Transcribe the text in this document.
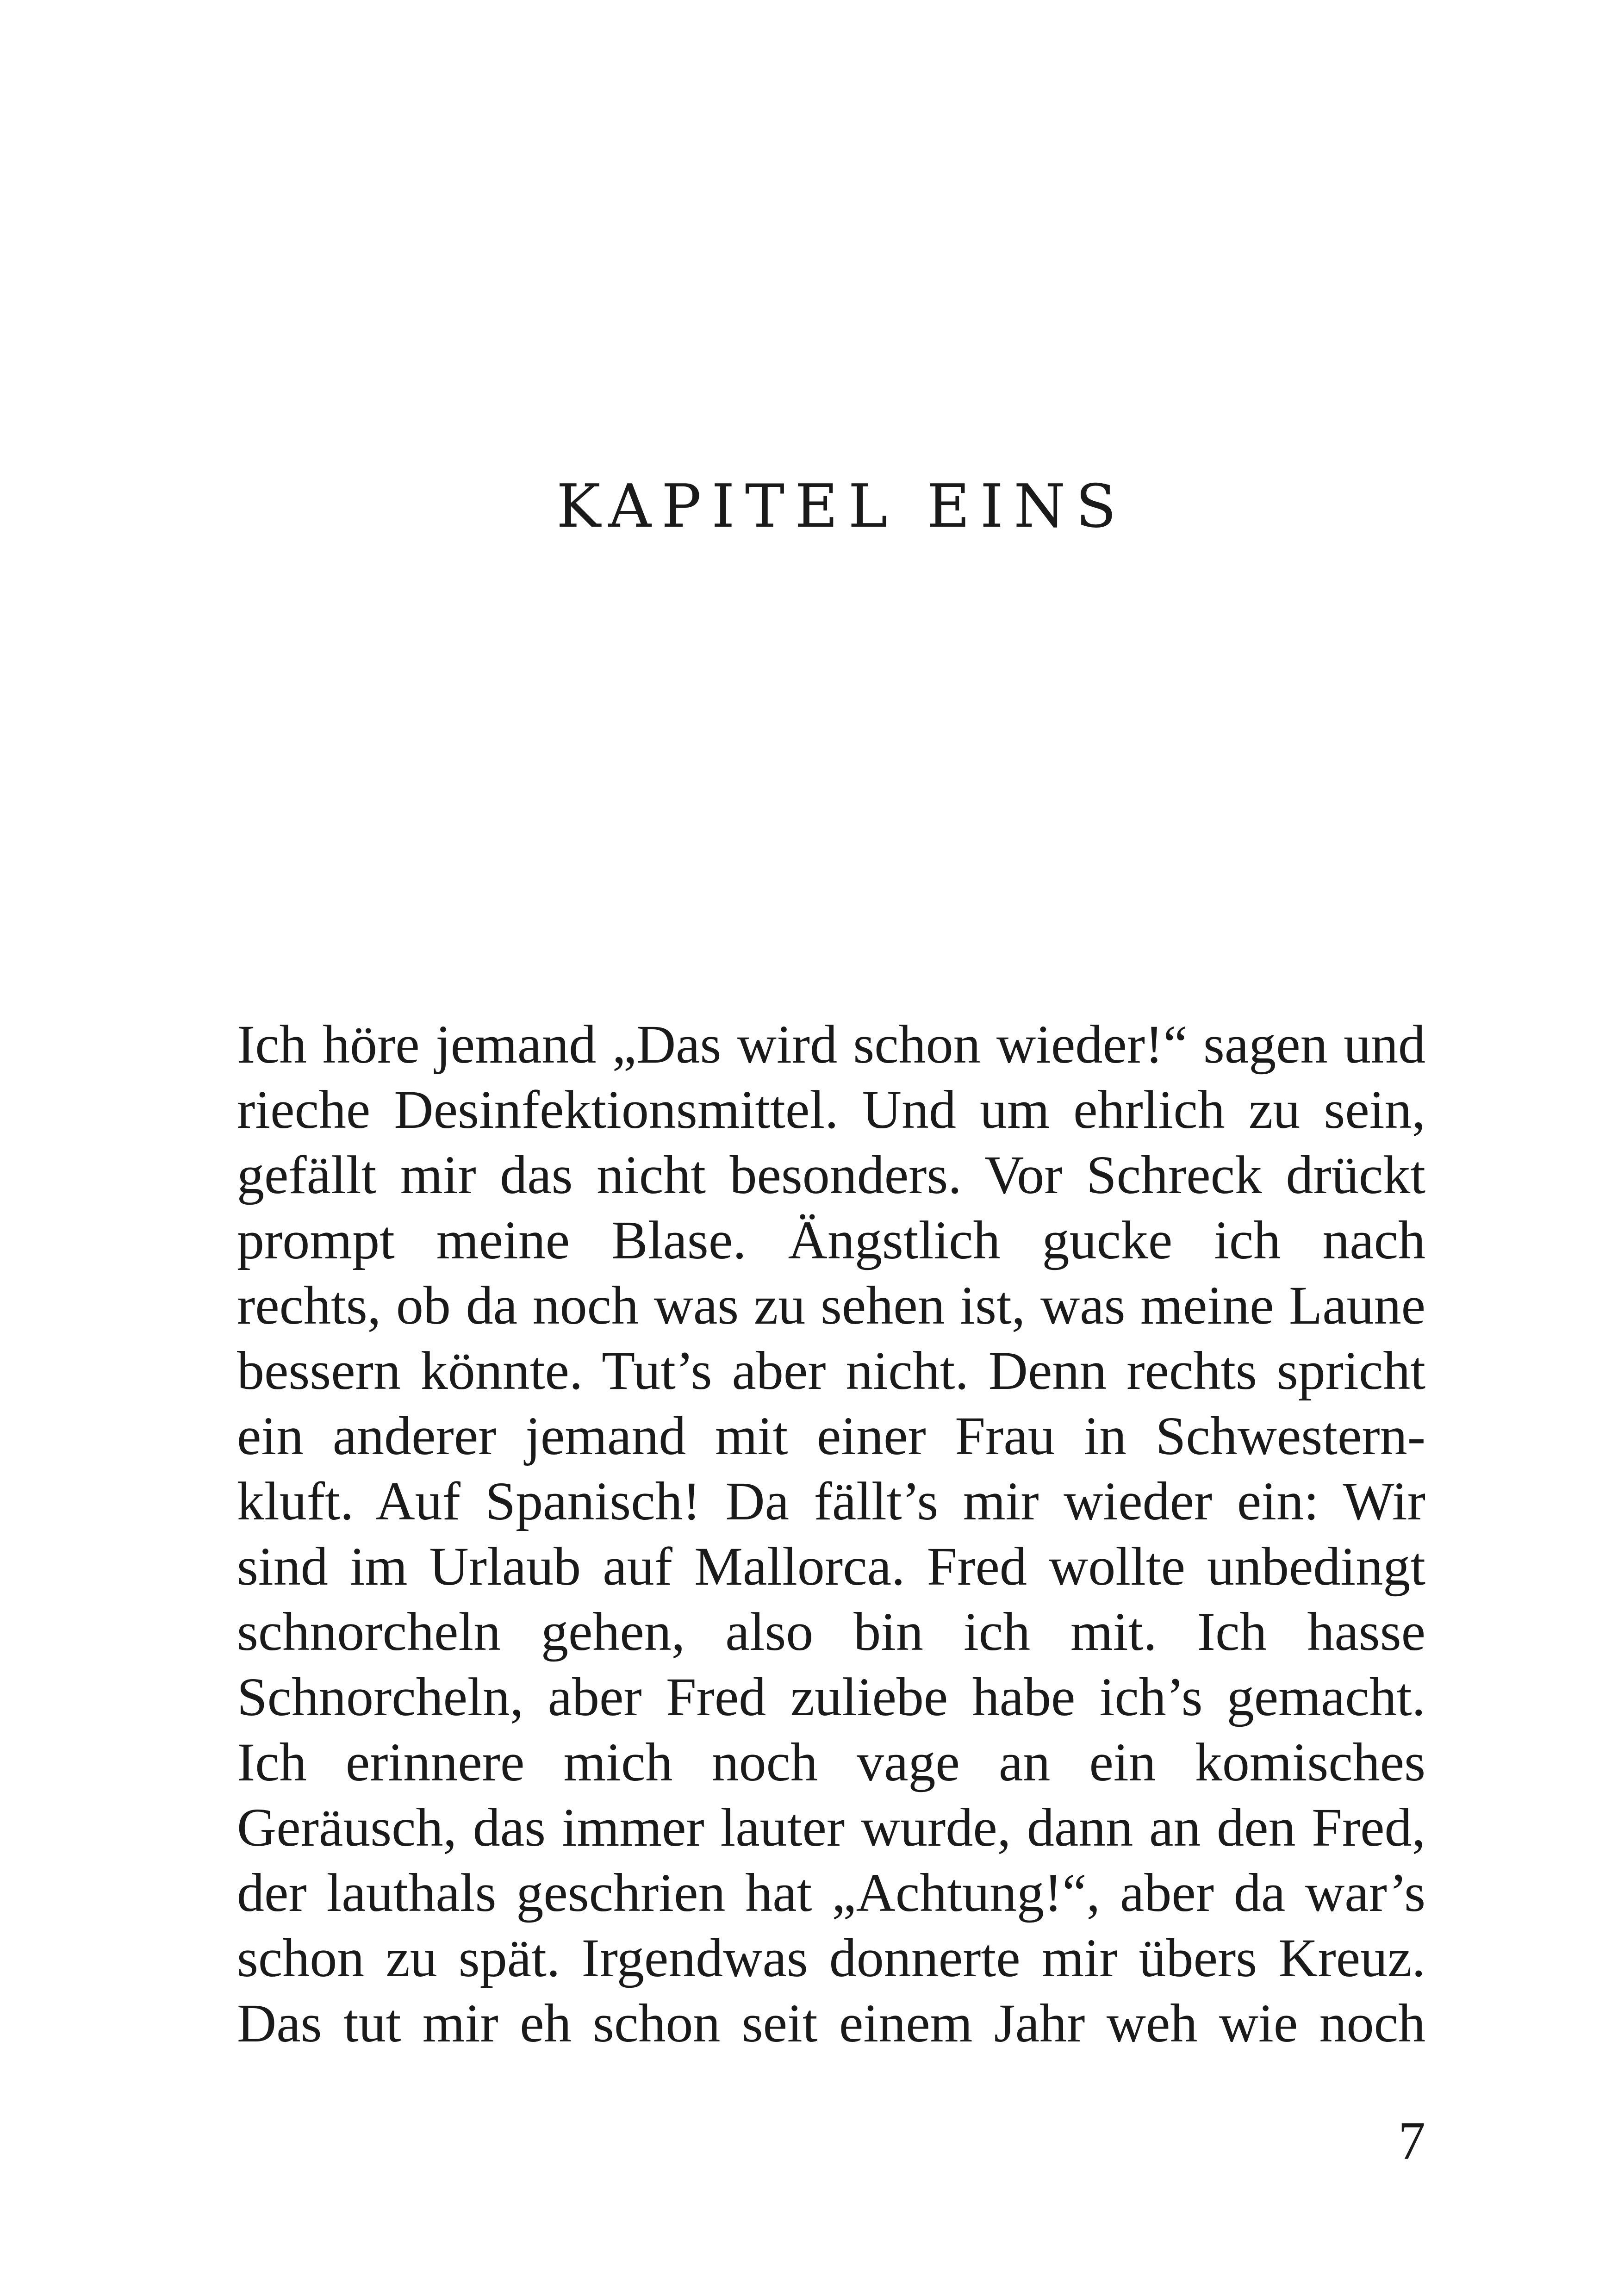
KAPITEL EINS
Ich höre jemand „Das wird schon wieder!“ sagen und
rieche Desinfektionsmittel. Und um ehrlich zu sein,
gefällt mir das nicht besonders. Vor Schreck drückt
prompt meine Blase. Ängstlich gucke ich nach
rechts, ob da noch was zu sehen ist, was meine Laune
bessern könnte. Tut’s aber nicht. Denn rechts spricht
ein anderer jemand mit einer Frau in Schwestern-
kluft. Auf Spanisch! Da fällt’s mir wieder ein: Wir
sind im Urlaub auf Mallorca. Fred wollte unbedingt
schnorcheln gehen, also bin ich mit. Ich hasse
Schnorcheln, aber Fred zuliebe habe ich’s gemacht.
Ich erinnere mich noch vage an ein komisches
Geräusch, das immer lauter wurde, dann an den Fred,
der lauthals geschrien hat „Achtung!“, aber da war’s
schon zu spät. Irgendwas donnerte mir übers Kreuz.
Das tut mir eh schon seit einem Jahr weh wie noch
7
